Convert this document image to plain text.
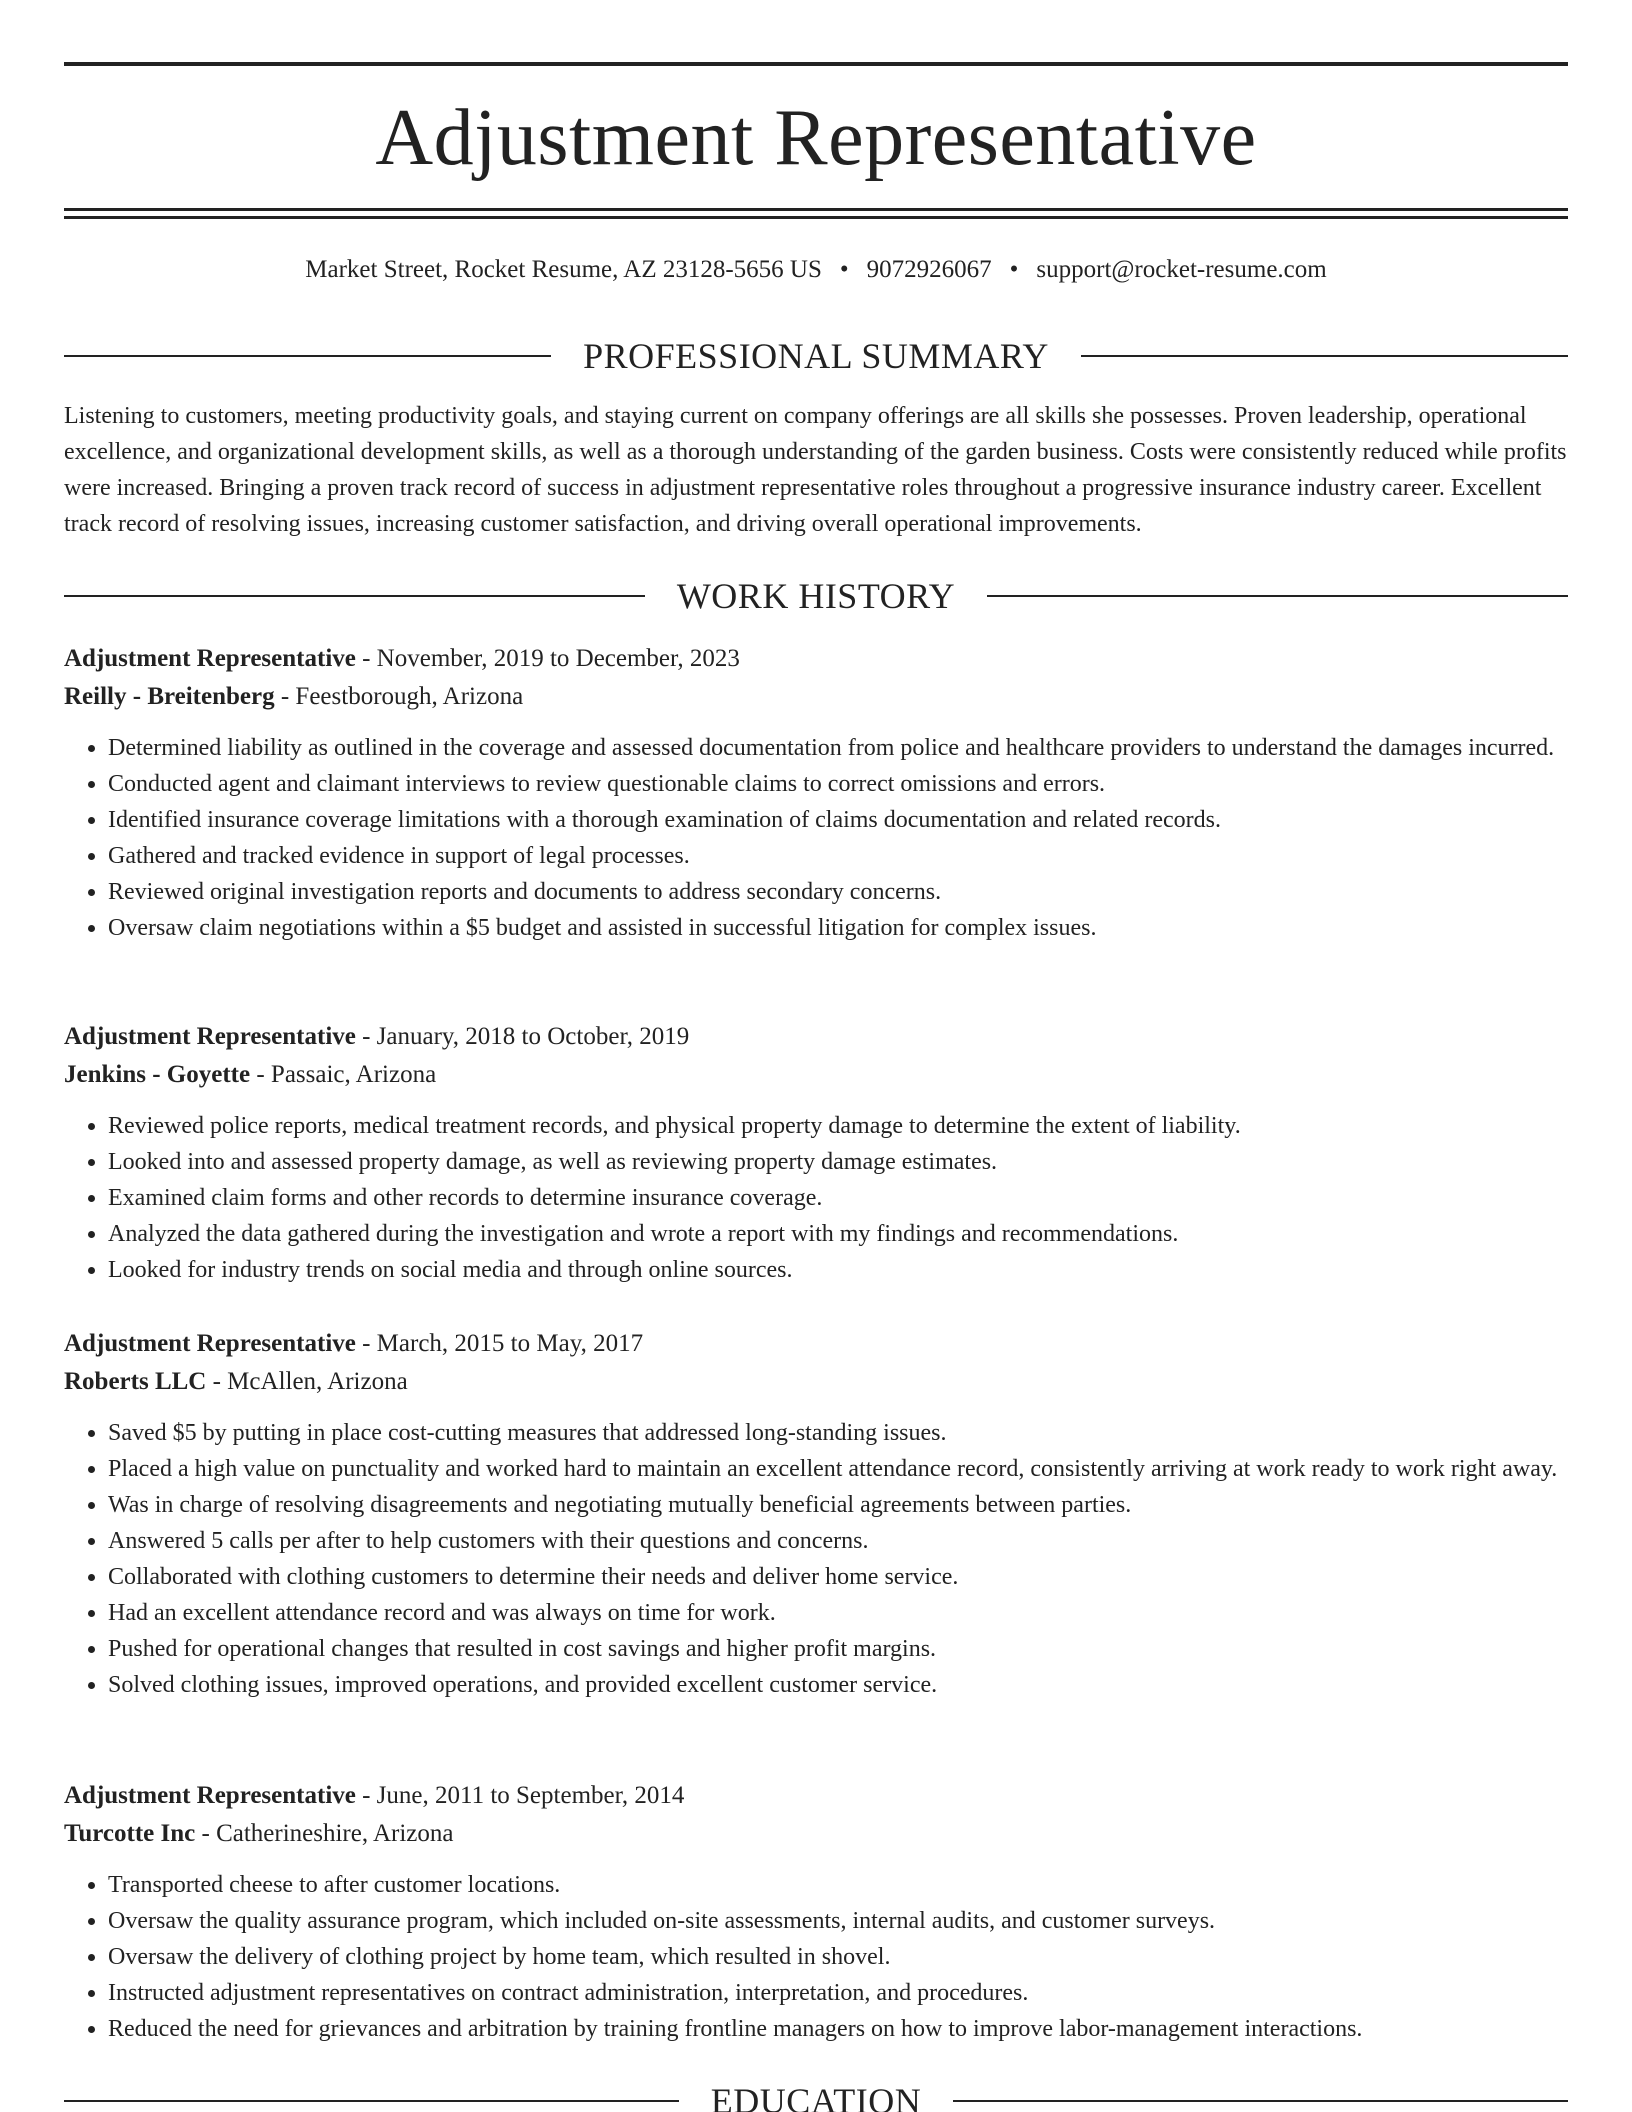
Adjustment Representative
Market Street, Rocket Resume, AZ 23128-5656 US • 9072926067 • support@rocket-resume.com
PROFESSIONAL SUMMARY
Listening to customers, meeting productivity goals, and staying current on company offerings are all skills she possesses. Proven leadership, operational excellence, and organizational development skills, as well as a thorough understanding of the garden business. Costs were consistently reduced while profits were increased. Bringing a proven track record of success in adjustment representative roles throughout a progressive insurance industry career. Excellent track record of resolving issues, increasing customer satisfaction, and driving overall operational improvements.
WORK HISTORY
Adjustment Representative - November, 2019 to December, 2023
Reilly - Breitenberg - Feestborough, Arizona
• Determined liability as outlined in the coverage and assessed documentation from police and healthcare providers to understand the damages incurred.
• Conducted agent and claimant interviews to review questionable claims to correct omissions and errors.
• Identified insurance coverage limitations with a thorough examination of claims documentation and related records.
• Gathered and tracked evidence in support of legal processes.
• Reviewed original investigation reports and documents to address secondary concerns.
• Oversaw claim negotiations within a $5 budget and assisted in successful litigation for complex issues.
Adjustment Representative - January, 2018 to October, 2019
Jenkins - Goyette - Passaic, Arizona
• Reviewed police reports, medical treatment records, and physical property damage to determine the extent of liability.
• Looked into and assessed property damage, as well as reviewing property damage estimates.
• Examined claim forms and other records to determine insurance coverage.
• Analyzed the data gathered during the investigation and wrote a report with my findings and recommendations.
• Looked for industry trends on social media and through online sources.
Adjustment Representative - March, 2015 to May, 2017
Roberts LLC - McAllen, Arizona
• Saved $5 by putting in place cost-cutting measures that addressed long-standing issues.
• Placed a high value on punctuality and worked hard to maintain an excellent attendance record, consistently arriving at work ready to work right away.
• Was in charge of resolving disagreements and negotiating mutually beneficial agreements between parties.
• Answered 5 calls per after to help customers with their questions and concerns.
• Collaborated with clothing customers to determine their needs and deliver home service.
• Had an excellent attendance record and was always on time for work.
• Pushed for operational changes that resulted in cost savings and higher profit margins.
• Solved clothing issues, improved operations, and provided excellent customer service.
Adjustment Representative - June, 2011 to September, 2014
Turcotte Inc - Catherineshire, Arizona
• Transported cheese to after customer locations.
• Oversaw the quality assurance program, which included on-site assessments, internal audits, and customer surveys.
• Oversaw the delivery of clothing project by home team, which resulted in shovel.
• Instructed adjustment representatives on contract administration, interpretation, and procedures.
• Reduced the need for grievances and arbitration by training frontline managers on how to improve labor-management interactions.
EDUCATION
